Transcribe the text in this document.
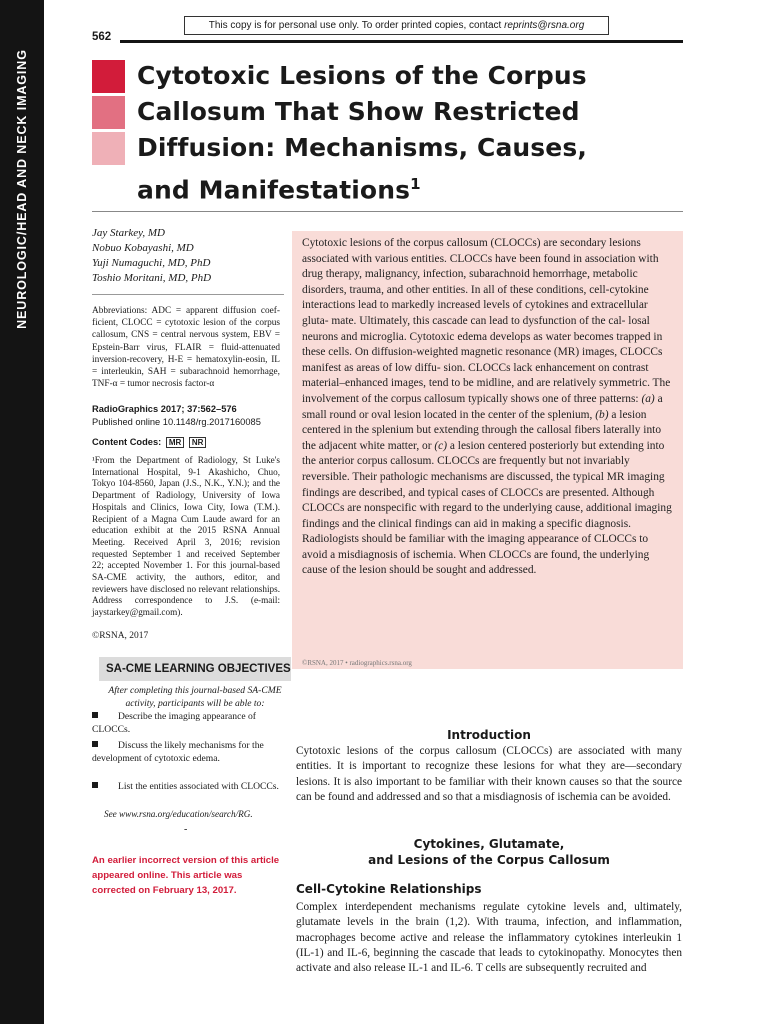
NEUROLOGIC/HEAD AND NECK IMAGING
This copy is for personal use only. To order printed copies, contact reprints@rsna.org
562
Cytotoxic Lesions of the Corpus
Callosum That Show Restricted
Diffusion: Mechanisms, Causes,
and Manifestations$^1$
Jay Starkey, MD
Nobuo Kobayashi, MD
Yuji Numaguchi, MD, PhD
Toshio Moritani, MD, PhD
Abbreviations: ADC = apparent diffusion coef- ficient, CLOCC = cytotoxic lesion of the corpus callosum, CNS = central nervous system, EBV = Epstein-Barr virus, FLAIR = fluid-attenuated inversion-recovery, H-E = hematoxylin-eosin, IL = interleukin, SAH = subarachnoid hemorrhage, TNF-α = tumor necrosis factor-α
RadioGraphics 2017; 37:562–576
Published online 10.1148/rg.2017160085
Content Codes: MR NR
¹From the Department of Radiology, St Luke's International Hospital, 9-1 Akashicho, Chuo, Tokyo 104-8560, Japan (J.S., N.K., Y.N.); and the Department of Radiology, University of Iowa Hospitals and Clinics, Iowa City, Iowa (T.M.). Recipient of a Magna Cum Laude award for an education exhibit at the 2015 RSNA Annual Meeting. Received April 3, 2016; revision requested September 1 and received September 22; accepted November 1. For this journal-based SA-CME activity, the authors, editor, and reviewers have disclosed no relevant relationships. Address correspondence to J.S. (e-mail: jaystarkey@gmail.com).
©RSNA, 2017
SA-CME LEARNING OBJECTIVES
After completing this journal-based SA-CME activity, participants will be able to:
Describe the imaging appearance of CLOCCs.
Discuss the likely mechanisms for the development of cytotoxic edema.
List the entities associated with CLOCCs.
See www.rsna.org/education/search/RG.
-
An earlier incorrect version of this article appeared online. This article was corrected on February 13, 2017.
Cytotoxic lesions of the corpus callosum (CLOCCs) are secondary lesions associated with various entities. CLOCCs have been found in association with drug therapy, malignancy, infection, subarachnoid hemorrhage, metabolic disorders, trauma, and other entities. In all of these conditions, cell-cytokine interactions lead to markedly increased levels of cytokines and extracellular gluta- mate. Ultimately, this cascade can lead to dysfunction of the cal- losal neurons and microglia. Cytotoxic edema develops as water becomes trapped in these cells. On diffusion-weighted magnetic resonance (MR) images, CLOCCs manifest as areas of low diffu- sion. CLOCCs lack enhancement on contrast material–enhanced images, tend to be midline, and are relatively symmetric. The involvement of the corpus callosum typically shows one of three patterns: (a) a small round or oval lesion located in the center of the splenium, (b) a lesion centered in the splenium but extending through the callosal fibers laterally into the adjacent white matter, or (c) a lesion centered posteriorly but extending into the anterior corpus callosum. CLOCCs are frequently but not invariably reversible. Their pathologic mechanisms are discussed, the typical MR imaging findings are described, and typical cases of CLOCCs are presented. Although CLOCCs are nonspecific with regard to the underlying cause, additional imaging findings and the clinical findings can aid in making a specific diagnosis. Radiologists should be familiar with the imaging appearance of CLOCCs to avoid a misdiagnosis of ischemia. When CLOCCs are found, the underlying cause of the lesion should be sought and addressed.
©RSNA, 2017 • radiographics.rsna.org
Introduction
Cytotoxic lesions of the corpus callosum (CLOCCs) are associated with many entities. It is important to recognize these lesions for what they are—secondary lesions. It is also important to be familiar with their known causes so that the source can be found and addressed and so that a misdiagnosis of ischemia can be avoided.
Cytokines, Glutamate,
and Lesions of the Corpus Callosum
Cell-Cytokine Relationships
Complex interdependent mechanisms regulate cytokine levels and, ultimately, glutamate levels in the brain (1,2). With trauma, infection, and inflammation, macrophages become active and release the inflammatory cytokines interleukin 1 (IL-1) and IL-6, beginning the cascade that leads to cytokinopathy. Monocytes then activate and also release IL-1 and IL-6. T cells are subsequently recruited and
